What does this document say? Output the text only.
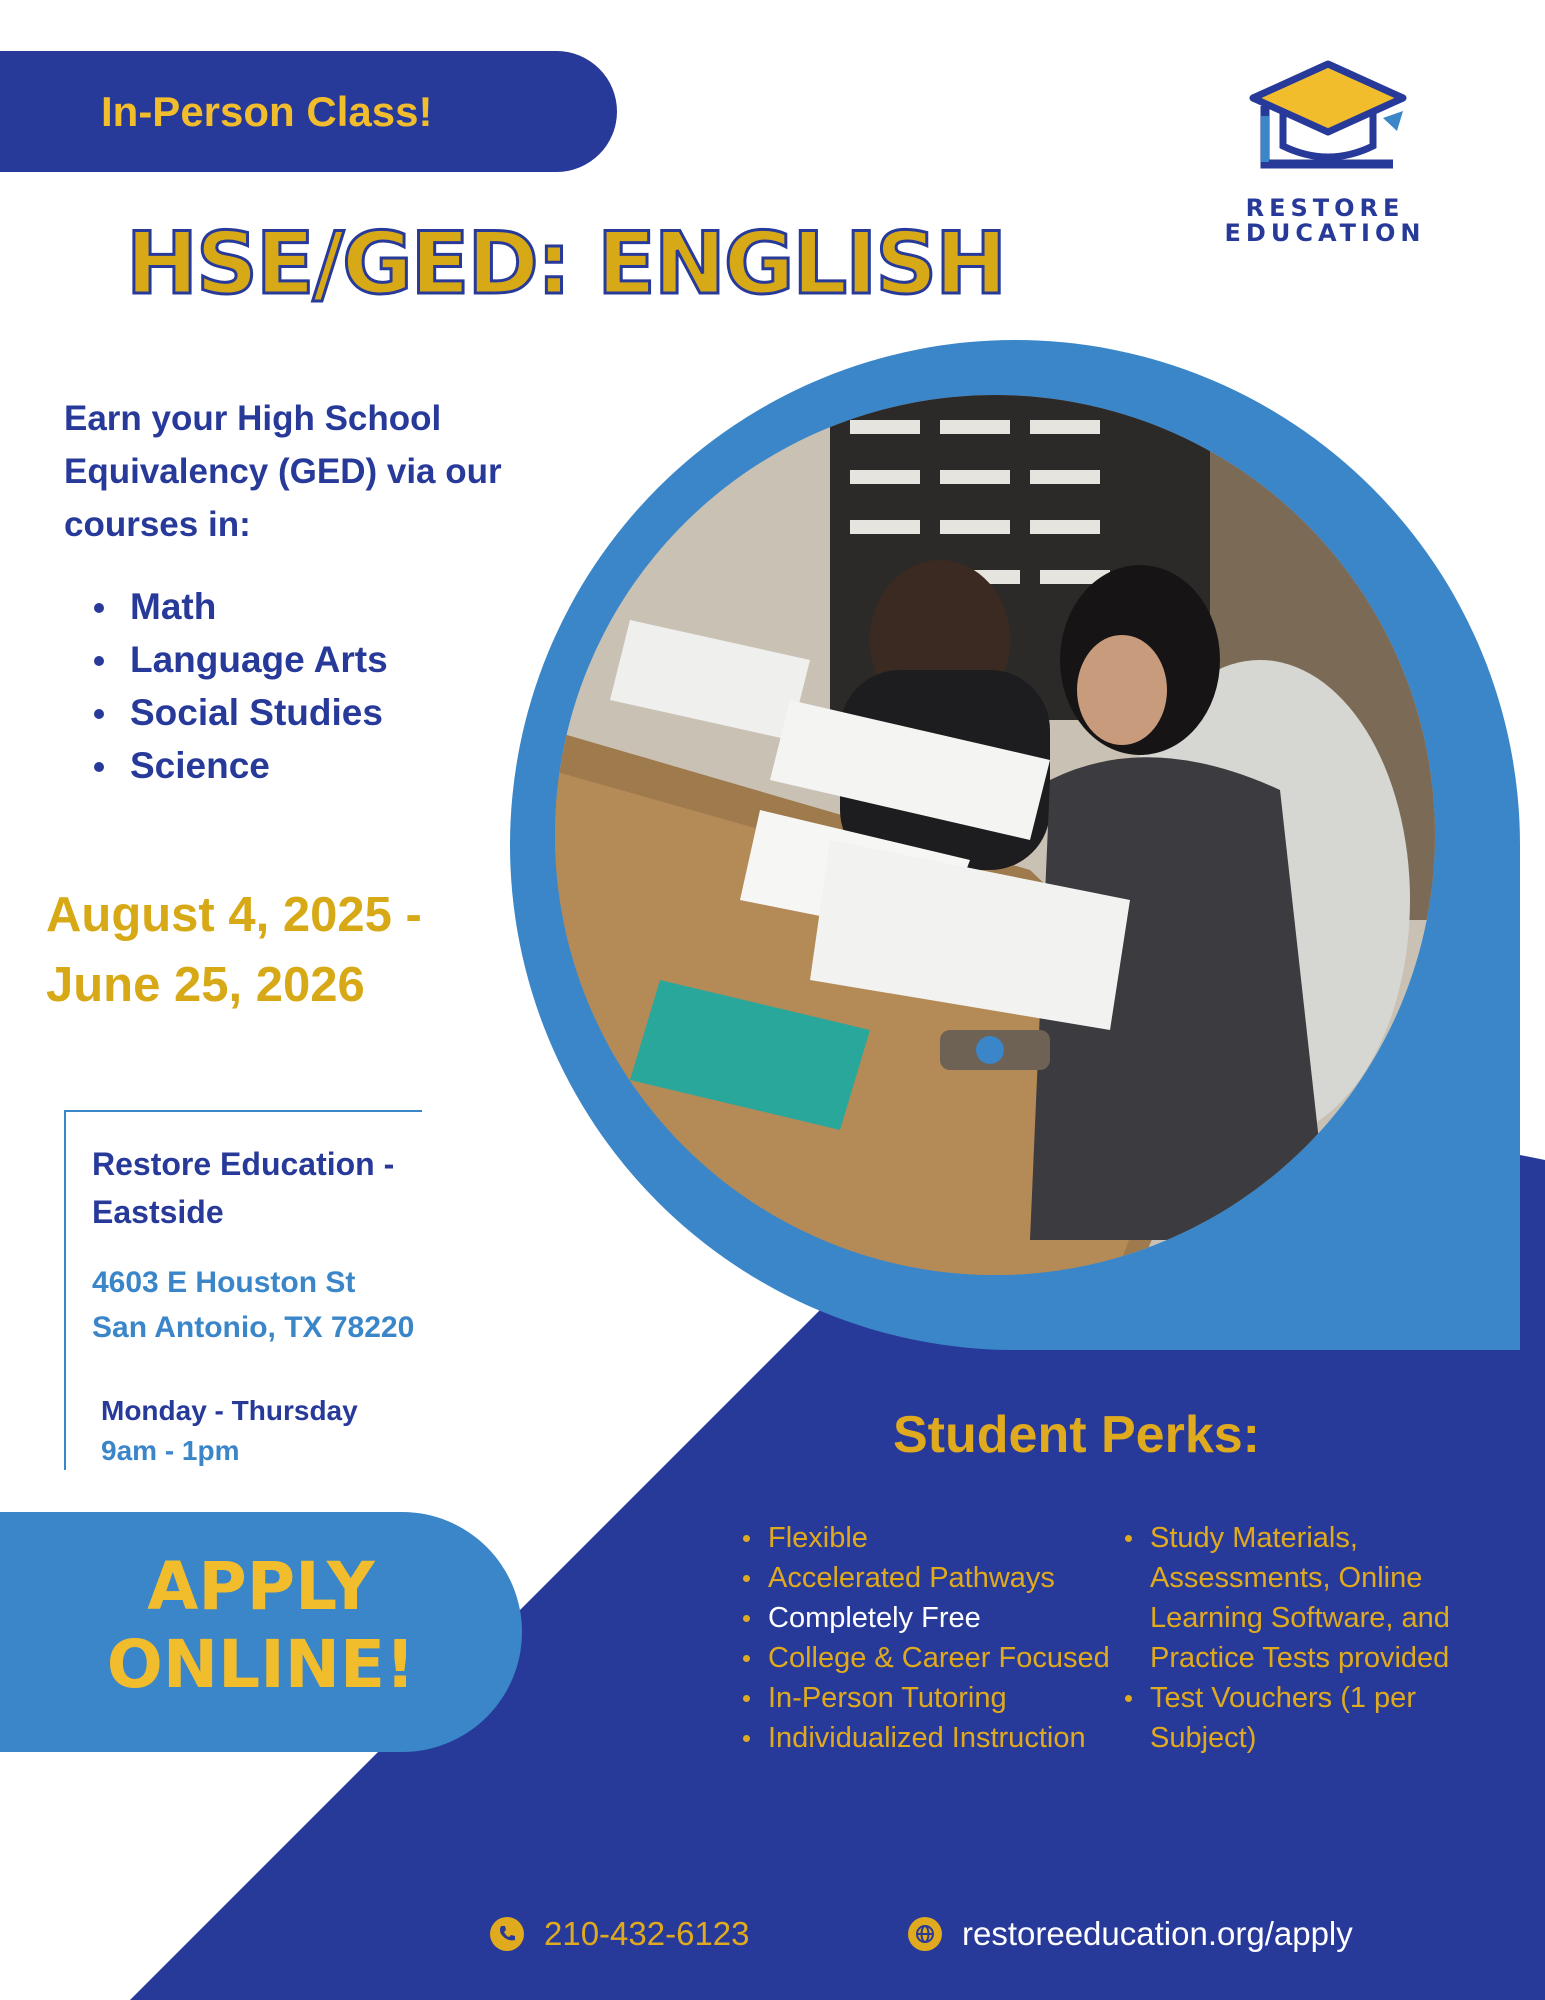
In-Person Class!
RESTORE
EDUCATION
HSE/GED: ENGLISH
Earn your High School Equivalency (GED) via our courses in:
Math
Language Arts
Social Studies
Science
August 4, 2025 -
June 25, 2026
Restore Education - Eastside
4603 E Houston St
San Antonio, TX 78220
Monday - Thursday
9am - 1pm
APPLY
ONLINE!
Student Perks:
Flexible
Accelerated Pathways
Completely Free
College & Career Focused
In-Person Tutoring
Individualized Instruction
Study Materials, Assessments, Online Learning Software, and Practice Tests provided
Test Vouchers (1 per Subject)
210-432-6123	restoreeducation.org/apply
